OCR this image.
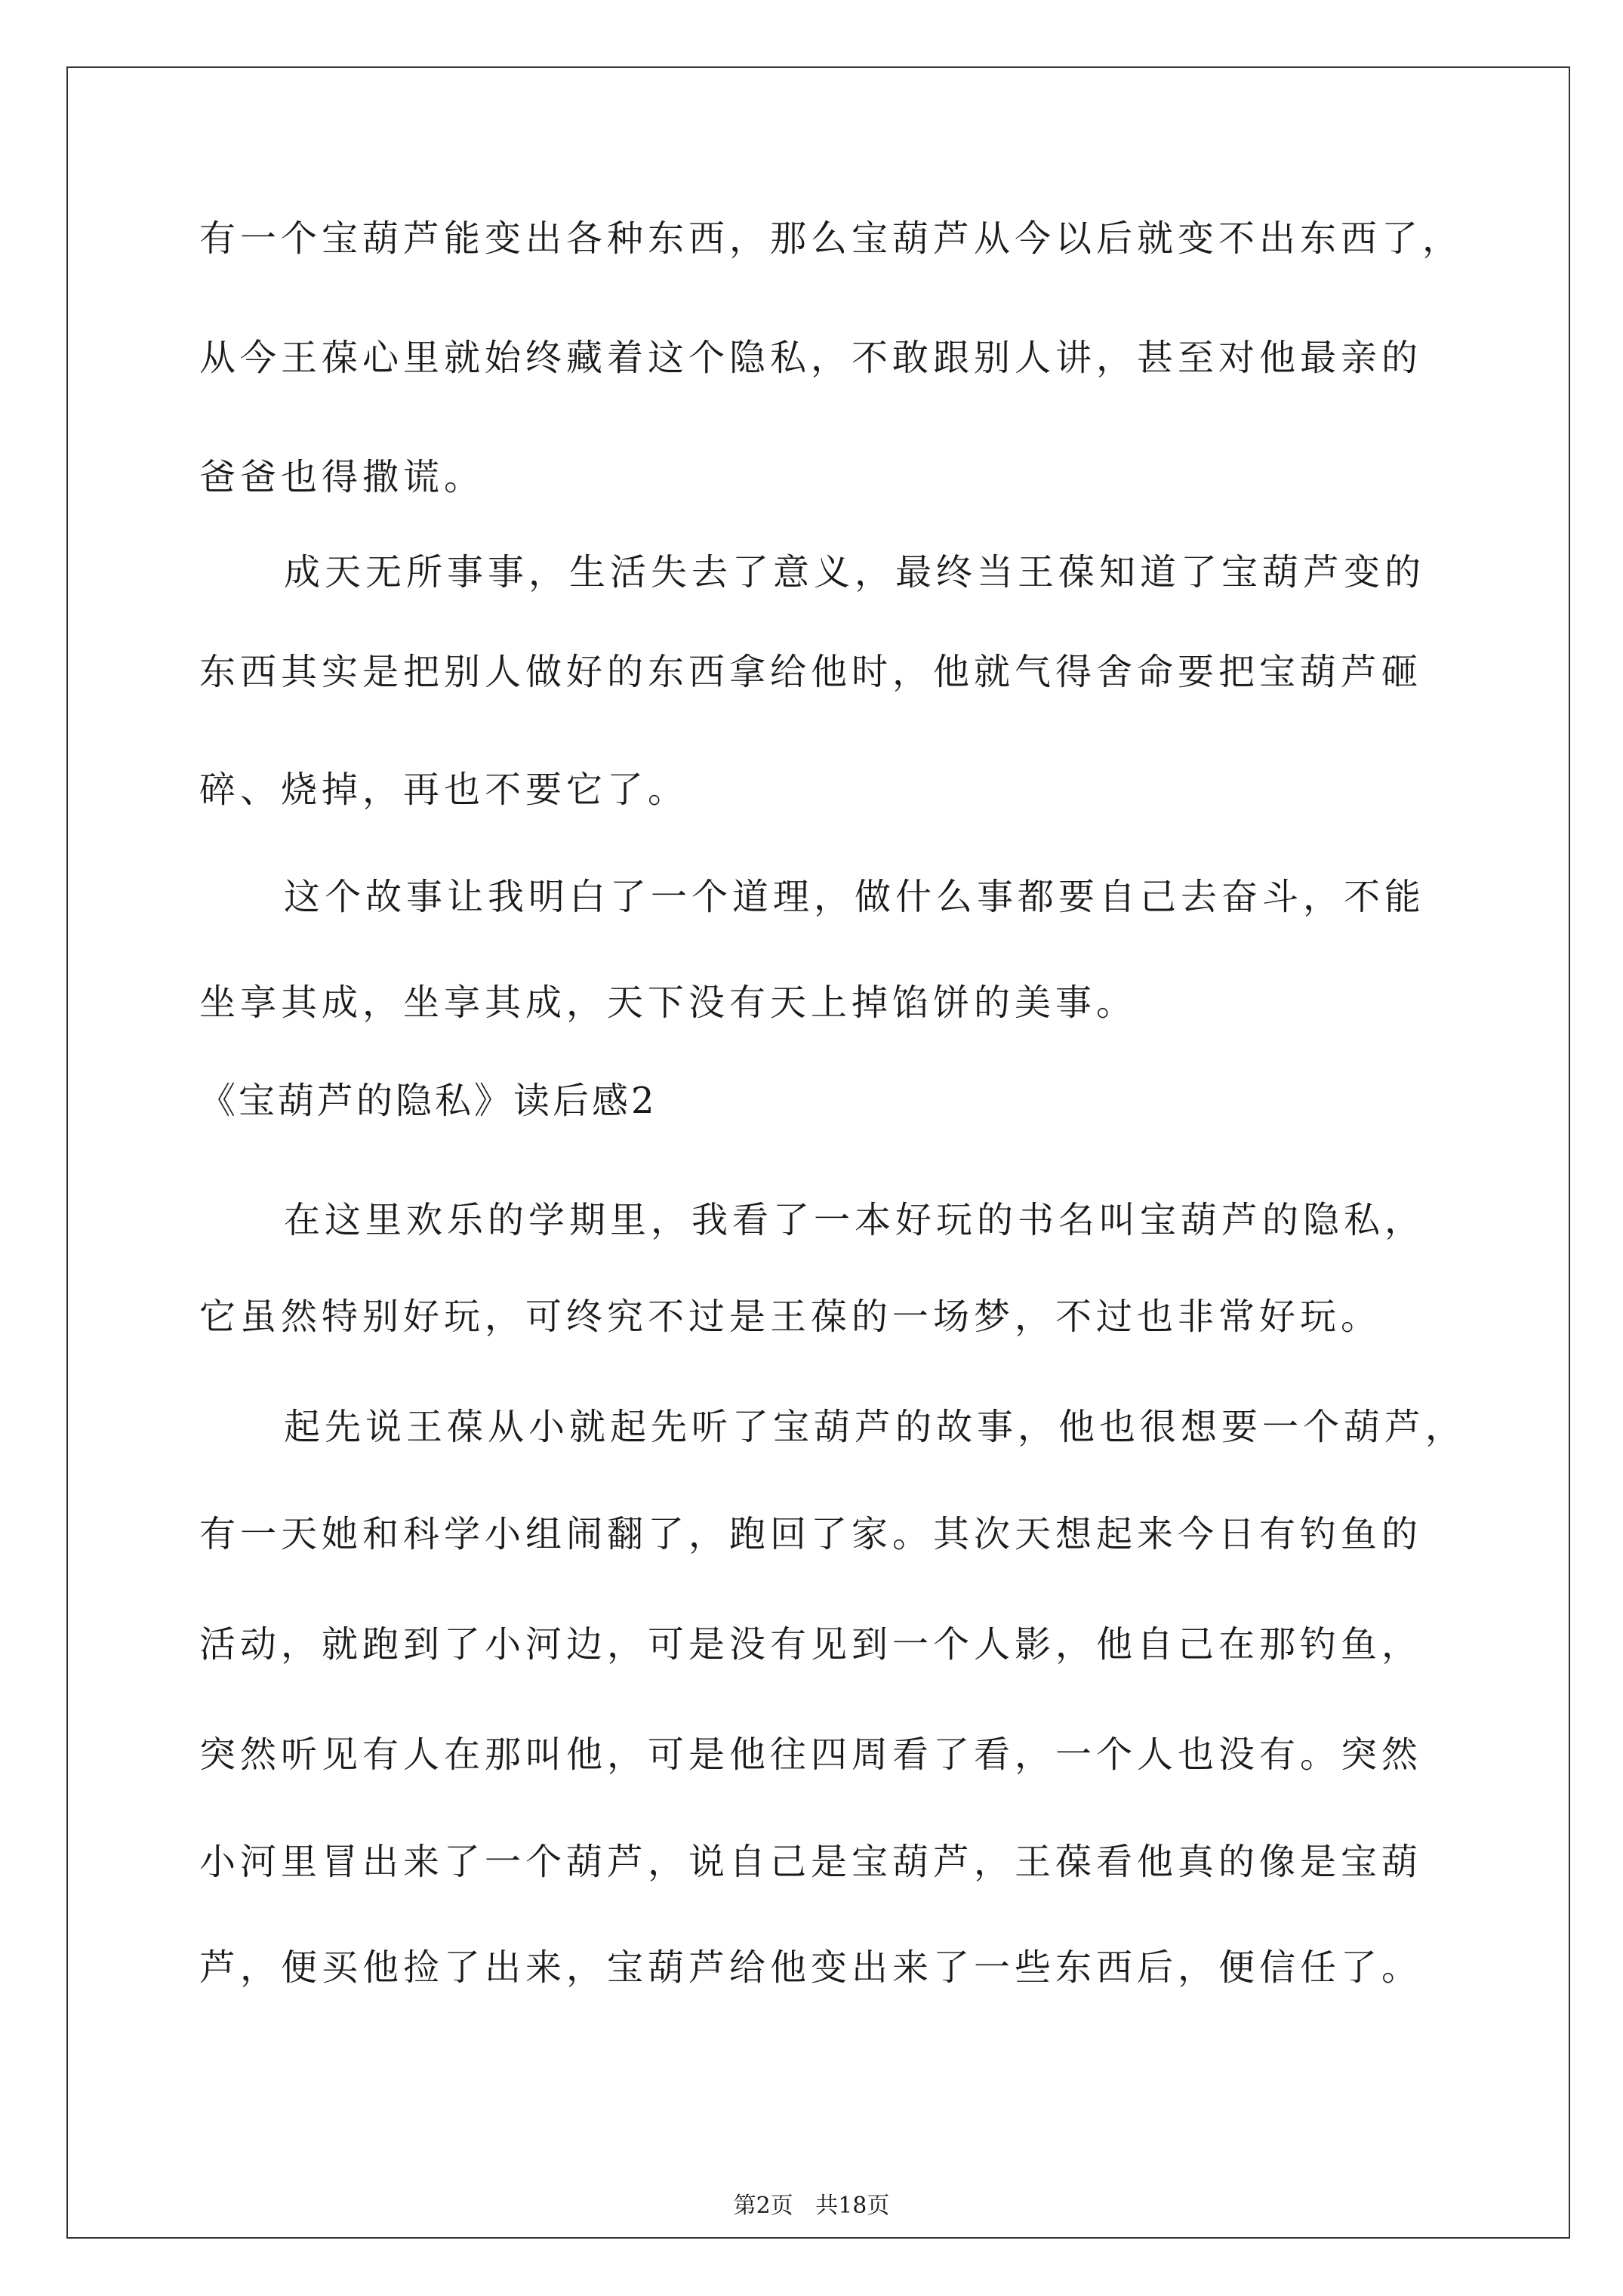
有一个宝葫芦能变出各种东西，那么宝葫芦从今以后就变不出东西了，
从今王葆心里就始终藏着这个隐私，不敢跟别人讲，甚至对他最亲的
爸爸也得撒谎。
成天无所事事，生活失去了意义，最终当王葆知道了宝葫芦变的
东西其实是把别人做好的东西拿给他时，他就气得舍命要把宝葫芦砸
碎、烧掉，再也不要它了。
这个故事让我明白了一个道理，做什么事都要自己去奋斗，不能
坐享其成，坐享其成，天下没有天上掉馅饼的美事。
《宝葫芦的隐私》读后感2
在这里欢乐的学期里，我看了一本好玩的书名叫宝葫芦的隐私，
它虽然特别好玩，可终究不过是王葆的一场梦，不过也非常好玩。
起先说王葆从小就起先听了宝葫芦的故事，他也很想要一个葫芦，
有一天她和科学小组闹翻了，跑回了家。其次天想起来今日有钓鱼的
活动，就跑到了小河边，可是没有见到一个人影，他自己在那钓鱼，
突然听见有人在那叫他，可是他往四周看了看，一个人也没有。突然
小河里冒出来了一个葫芦，说自己是宝葫芦，王葆看他真的像是宝葫
芦，便买他捡了出来，宝葫芦给他变出来了一些东西后，便信任了。
第2页 共18页
